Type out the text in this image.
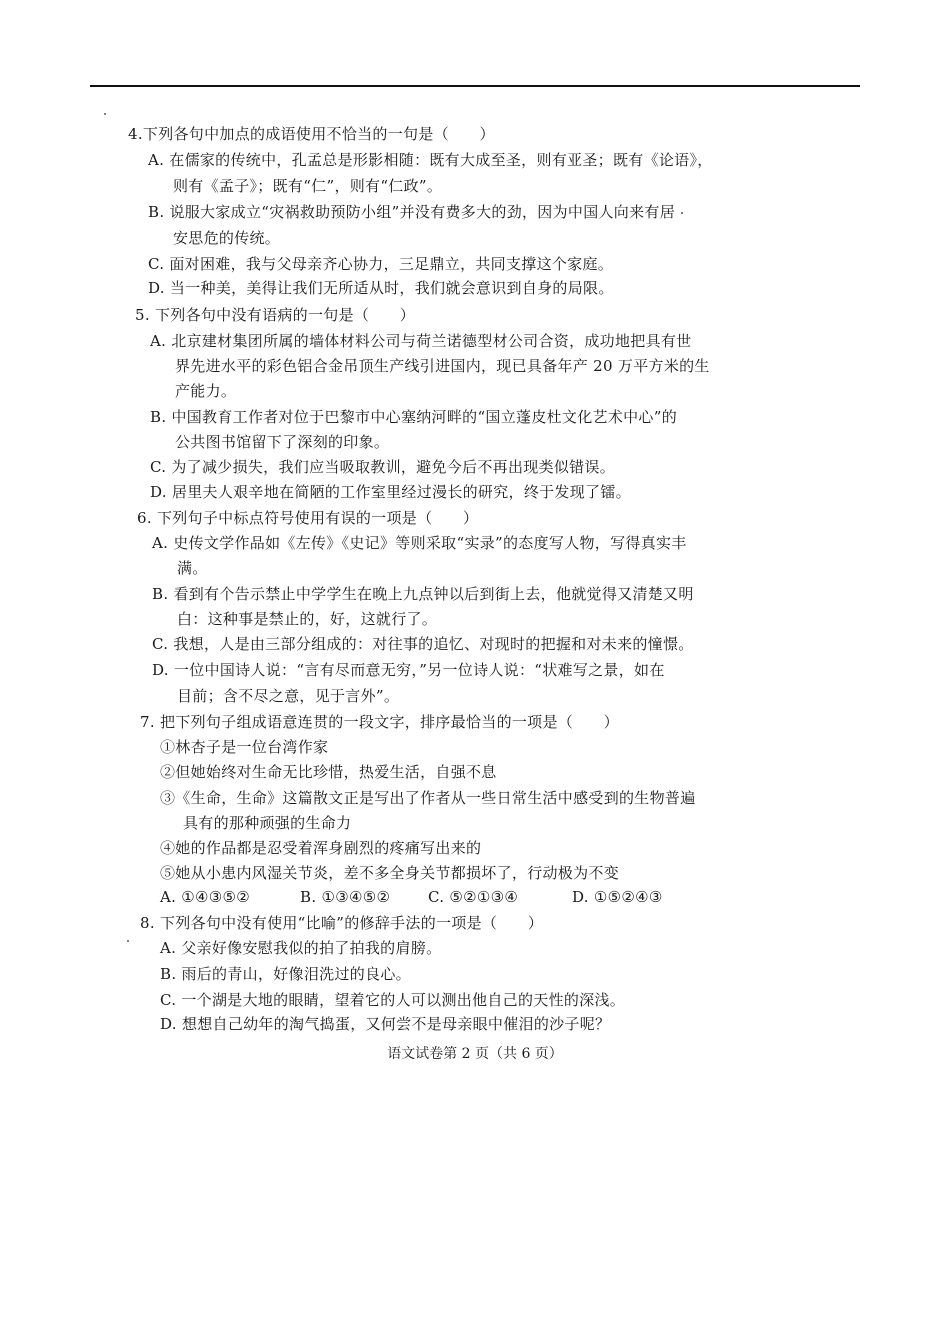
4.下列各句中加点的成语使用不恰当的一句是（　　）
A. 在儒家的传统中，孔孟总是形影相随：既有大成至圣，则有亚圣；既有《论语》，
则有《孟子》；既有“仁”，则有“仁政”。
B. 说服大家成立“灾祸救助预防小组”并没有费多大的劲，因为中国人向来有居
安思危的传统。
C. 面对困难，我与父母亲齐心协力，三足鼎立，共同支撑这个家庭。
D. 当一种美，美得让我们无所适从时，我们就会意识到自身的局限。
5. 下列各句中没有语病的一句是（　　）
A. 北京建材集团所属的墙体材料公司与荷兰诺德型材公司合资，成功地把具有世
界先进水平的彩色铝合金吊顶生产线引进国内，现已具备年产 20 万平方米的生
产能力。
B. 中国教育工作者对位于巴黎市中心塞纳河畔的“国立蓬皮杜文化艺术中心”的
公共图书馆留下了深刻的印象。
C. 为了减少损失，我们应当吸取教训，避免今后不再出现类似错误。
D. 居里夫人艰辛地在简陋的工作室里经过漫长的研究，终于发现了镭。
6. 下列句子中标点符号使用有误的一项是（　　）
A. 史传文学作品如《左传》《史记》等则采取“实录”的态度写人物，写得真实丰
满。
B. 看到有个告示禁止中学学生在晚上九点钟以后到街上去，他就觉得又清楚又明
白：这种事是禁止的，好，这就行了。
C. 我想，人是由三部分组成的：对往事的追忆、对现时的把握和对未来的憧憬。
D. 一位中国诗人说：“言有尽而意无穷，”另一位诗人说：“状难写之景，如在
目前；含不尽之意，见于言外”。
7. 把下列句子组成语意连贯的一段文字，排序最恰当的一项是（　　）
①林杏子是一位台湾作家
②但她始终对生命无比珍惜，热爱生活，自强不息
③《生命，生命》这篇散文正是写出了作者从一些日常生活中感受到的生物普遍
具有的那种顽强的生命力
④她的作品都是忍受着浑身剧烈的疼痛写出来的
⑤她从小患内风湿关节炎，差不多全身关节都损坏了，行动极为不变
A. ①④③⑤②	B. ①③④⑤②	C. ⑤②①③④	D. ①⑤②④③
8. 下列各句中没有使用“比喻”的修辞手法的一项是（　　）
A. 父亲好像安慰我似的拍了拍我的肩膀。
B. 雨后的青山，好像泪洗过的良心。
C. 一个湖是大地的眼睛，望着它的人可以测出他自己的天性的深浅。
D. 想想自己幼年的淘气捣蛋，又何尝不是母亲眼中催泪的沙子呢？
语文试卷第 2 页（共 6 页）
